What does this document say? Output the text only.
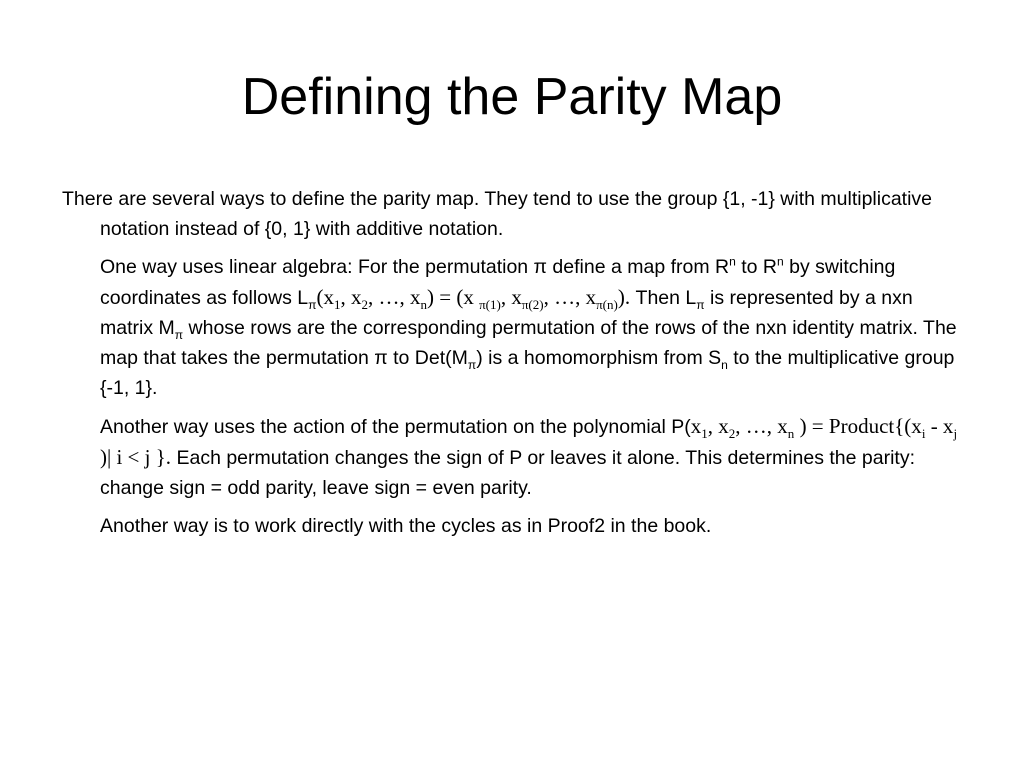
Defining the Parity Map

There are several ways to define the parity map. They tend to use the group {1, -1} with multiplicative notation instead of {0, 1} with additive notation.

One way uses linear algebra: For the permutation π define a map from $R^n$ to $R^n$ by switching coordinates as follows $L_\pi(x_1$, $x_2$, …, $x_n) = (x$ $_{\pi(1)}$, $x_{\pi(2)}$, …, $x_{\pi(n)}$). Then $L_\pi$ is represented by a nxn matrix $M_\pi$ whose rows are the corresponding permutation of the rows of the nxn identity matrix. The map that takes the permutation π to $Det(M_\pi)$ is a homomorphism from $S_n$ to the multiplicative group {-1, 1}.

Another way uses the action of the permutation on the polynomial $P(x_1$, $x_2$, …, $x_n$ ) = $Product\{(x_i - x_j$ )| i < j }. Each permutation changes the sign of P or leaves it alone. This determines the parity: change sign = odd parity, leave sign = even parity.

Another way is to work directly with the cycles as in Proof2 in the book.
